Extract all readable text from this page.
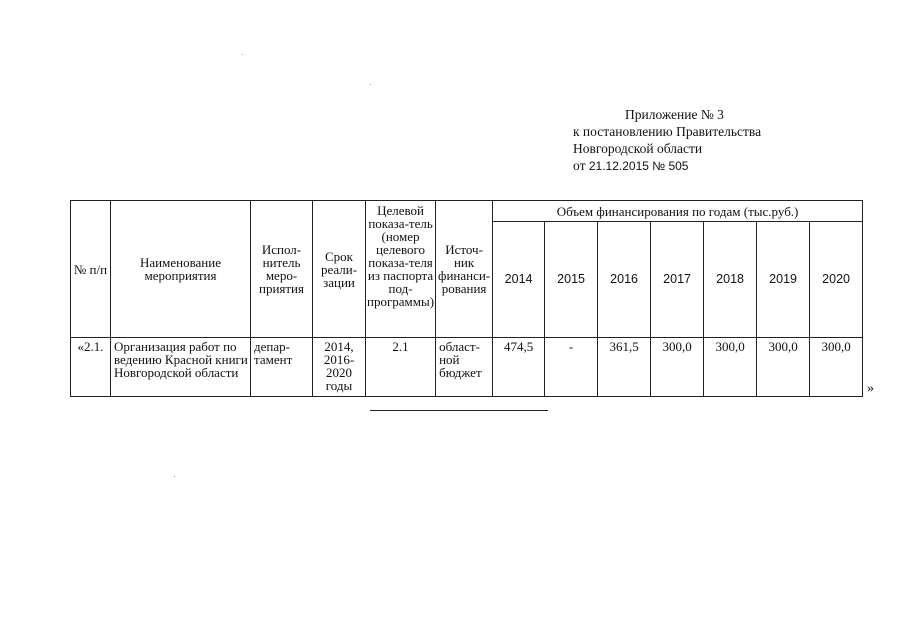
Приложение № 3
к постановлению Правительства
Новгородской области
от 21.12.2015 № 505
№ п/п	Наименование мероприятия	Испол-нитель меро-приятия	Срок реали-зации	Целевой показа-тель (номер целевого показа-теля из паспорта под-программы)	Источ-ник финанси-рования	Объем финансирования по годам (тыс.руб.)						
						2014	2015	2016	2017	2018	2019	2020
«2.1.	Организация работ по ведению Красной книги Новгородской области	депар-тамент	2014, 2016-2020 годы	2.1	област-ной бюджет	474,5	-	361,5	300,0	300,0	300,0	300,0
»
